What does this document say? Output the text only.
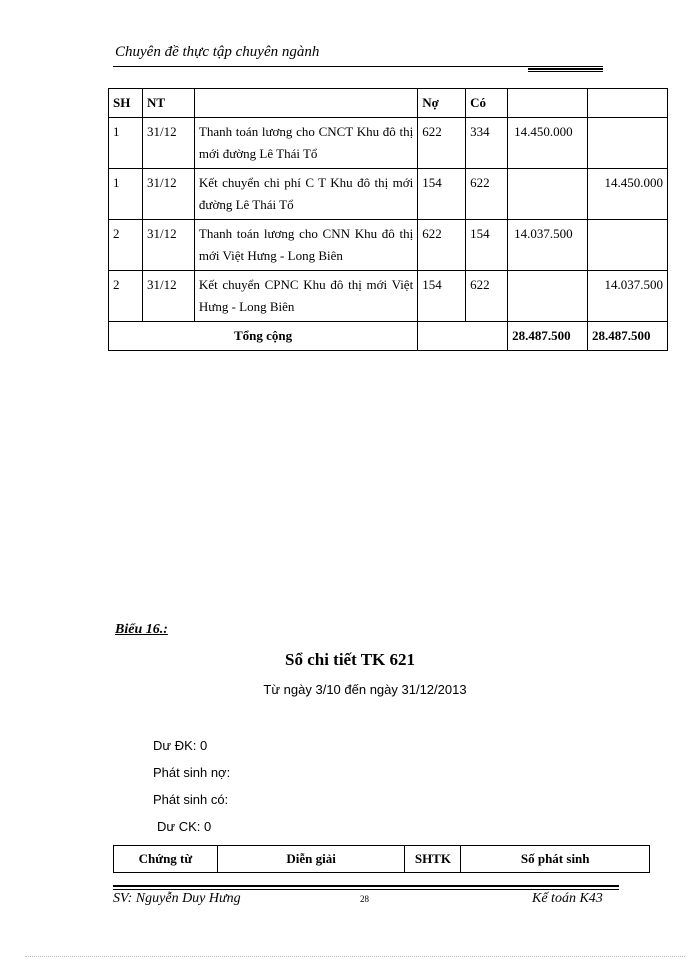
Chuyên đề thực tập chuyên ngành
SH	NT		Nợ	Có		
1	31/12	Thanh toán lương cho CNCT Khu đô thị mới đường Lê Thái Tổ	622	334	14.450.000	
1	31/12	Kết chuyển chi phí C T Khu đô thị mới đường Lê Thái Tổ	154	622		14.450.000
2	31/12	Thanh toán lương cho CNN Khu đô thị mới Việt Hưng - Long Biên	622	154	14.037.500	
2	31/12	Kết chuyển CPNC Khu đô thị mới Việt Hưng - Long Biên	154	622		14.037.500
Tổng cộng					28.487.500	28.487.500
Biểu 16.:
Sổ chi tiết TK 621
Từ ngày 3/10 đến ngày 31/12/2013
Dư ĐK: 0
Phát sinh nợ:
Phát sinh có:
Dư CK: 0
Chứng từ	Diễn giải	SHTK	Số phát sinh
SV: Nguyễn Duy Hưng	28	Kế toán K43
